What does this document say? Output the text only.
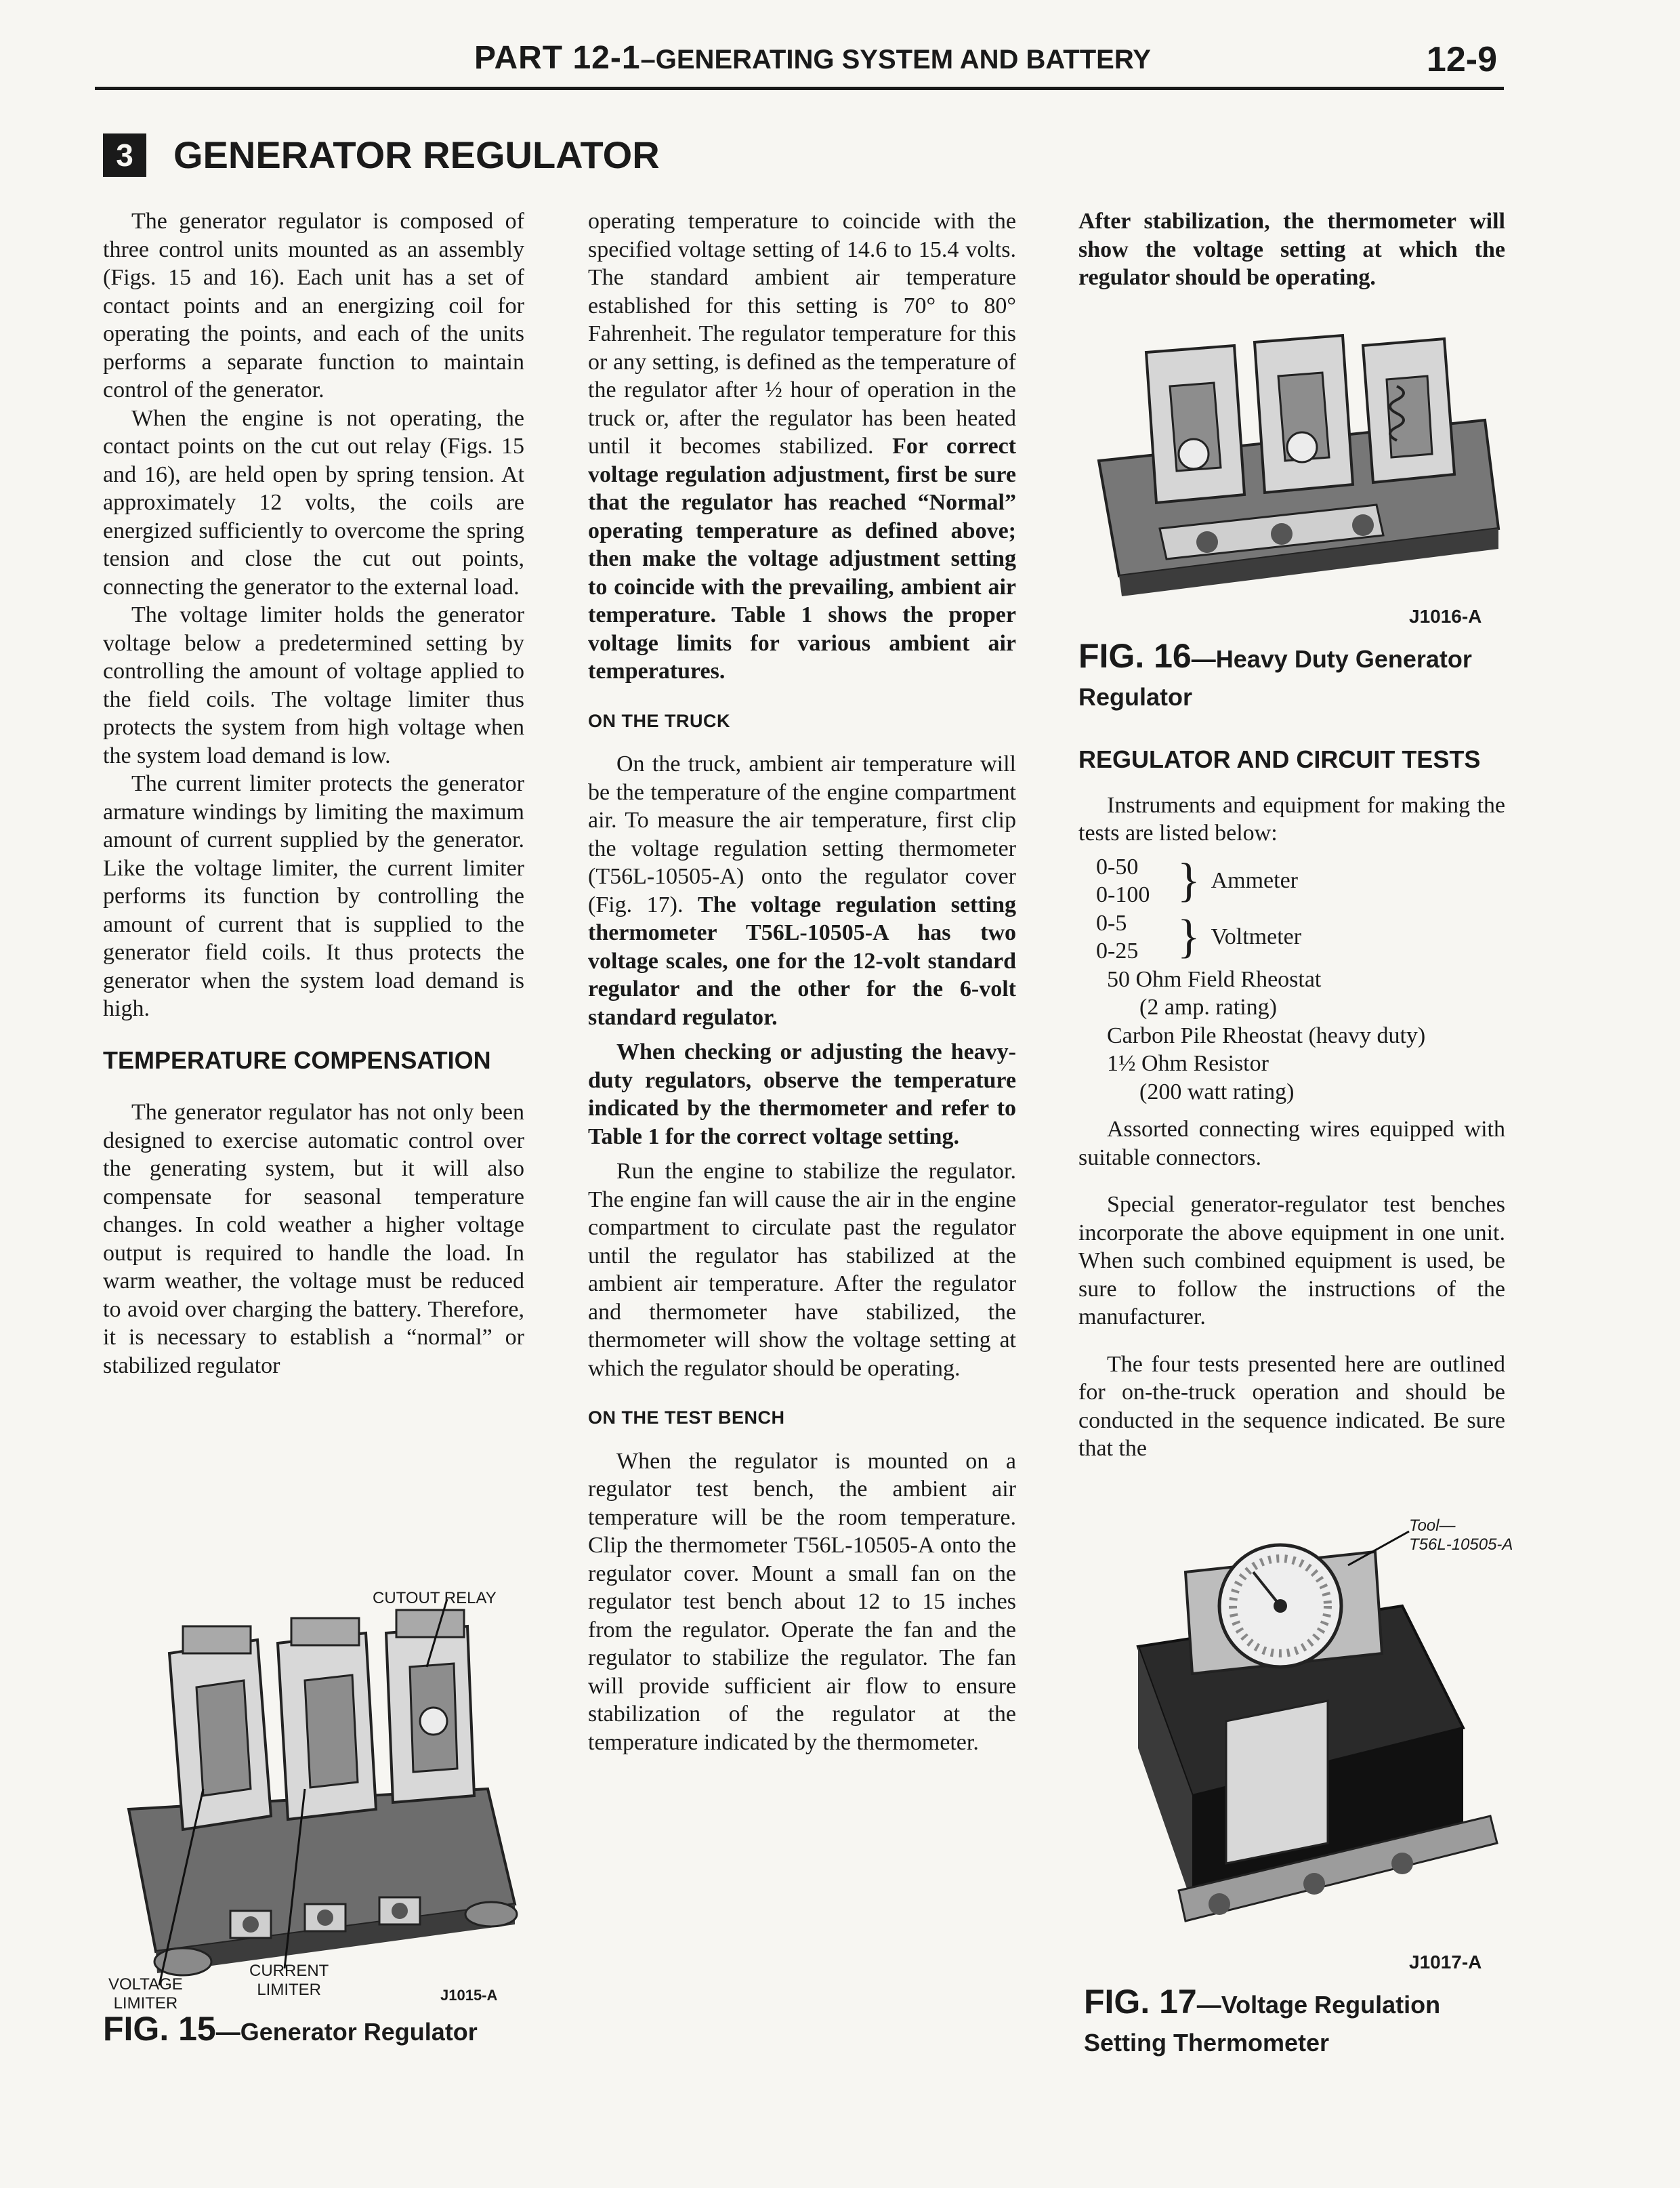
PART 12-1–GENERATING SYSTEM AND BATTERY	12-9
3 GENERATOR REGULATOR

The generator regulator is composed of three control units mounted as an assembly (Figs. 15 and 16). Each unit has a set of contact points and an energizing coil for operating the points, and each of the units performs a separate function to maintain control of the generator.

When the engine is not operating, the contact points on the cut out relay (Figs. 15 and 16), are held open by spring tension. At approximately 12 volts, the coils are energized sufficiently to overcome the spring tension and close the cut out points, connecting the generator to the external load.

The voltage limiter holds the generator voltage below a predetermined setting by controlling the amount of voltage applied to the field coils. The voltage limiter thus protects the system from high voltage when the system load demand is low.

The current limiter protects the generator armature windings by limiting the maximum amount of current supplied by the generator. Like the voltage limiter, the current limiter performs its function by controlling the amount of current that is supplied to the generator field coils. It thus protects the generator when the system load demand is high.

TEMPERATURE COMPENSATION

The generator regulator has not only been designed to exercise automatic control over the generating system, but it will also compensate for seasonal temperature changes. In cold weather a higher voltage output is required to handle the load. In warm weather, the voltage must be reduced to avoid over charging the battery. Therefore, it is necessary to establish a “normal” or stabilized regulator

CUTOUT RELAY
VOLTAGE
LIMITER
CURRENT
LIMITER	J1015-A
FIG. 15—Generator Regulator

operating temperature to coincide with the specified voltage setting of 14.6 to 15.4 volts. The standard ambient air temperature established for this setting is 70° to 80° Fahrenheit. The regulator temperature for this or any setting, is defined as the temperature of the regulator after ½ hour of operation in the truck or, after the regulator has been heated until it becomes stabilized. For correct voltage regulation adjustment, first be sure that the regulator has reached “Normal” operating temperature as defined above; then make the voltage adjustment setting to coincide with the prevailing, ambient air temperature. Table 1 shows the proper voltage limits for various ambient air temperatures.

ON THE TRUCK

On the truck, ambient air temperature will be the temperature of the engine compartment air. To measure the air temperature, first clip the voltage regulation setting thermometer (T56L-10505-A) onto the regulator cover (Fig. 17). The voltage regulation setting thermometer T56L-10505-A has two voltage scales, one for the 12-volt standard regulator and the other for the 6-volt standard regulator.

When checking or adjusting the heavy-duty regulators, observe the temperature indicated by the thermometer and refer to Table 1 for the correct voltage setting.

Run the engine to stabilize the regulator. The engine fan will cause the air in the engine compartment to circulate past the regulator until the regulator has stabilized at the ambient air temperature. After the regulator and thermometer have stabilized, the thermometer will show the voltage setting at which the regulator should be operating.

ON THE TEST BENCH

When the regulator is mounted on a regulator test bench, the ambient air temperature will be the room temperature. Clip the thermometer T56L-10505-A onto the regulator cover. Mount a small fan on the regulator test bench about 12 to 15 inches from the regulator. Operate the fan and the regulator to stabilize the regulator. The fan will provide sufficient air flow to ensure stabilization of the regulator at the temperature indicated by the thermometer.

After stabilization, the thermometer will show the voltage setting at which the regulator should be operating.

J1016-A
FIG. 16—Heavy Duty Generator
Regulator

REGULATOR AND CIRCUIT TESTS

Instruments and equipment for making the tests are listed below:

0-50
0-100 } Ammeter
0-5
0-25 } Voltmeter
50 Ohm Field Rheostat
(2 amp. rating)
Carbon Pile Rheostat (heavy duty)
1½ Ohm Resistor
(200 watt rating)

Assorted connecting wires equipped with suitable connectors.

Special generator-regulator test benches incorporate the above equipment in one unit. When such combined equipment is used, be sure to follow the instructions of the manufacturer.

The four tests presented here are outlined for on-the-truck operation and should be conducted in the sequence indicated. Be sure that the

Tool—
T56L-10505-A
J1017-A
FIG. 17—Voltage Regulation
Setting Thermometer
